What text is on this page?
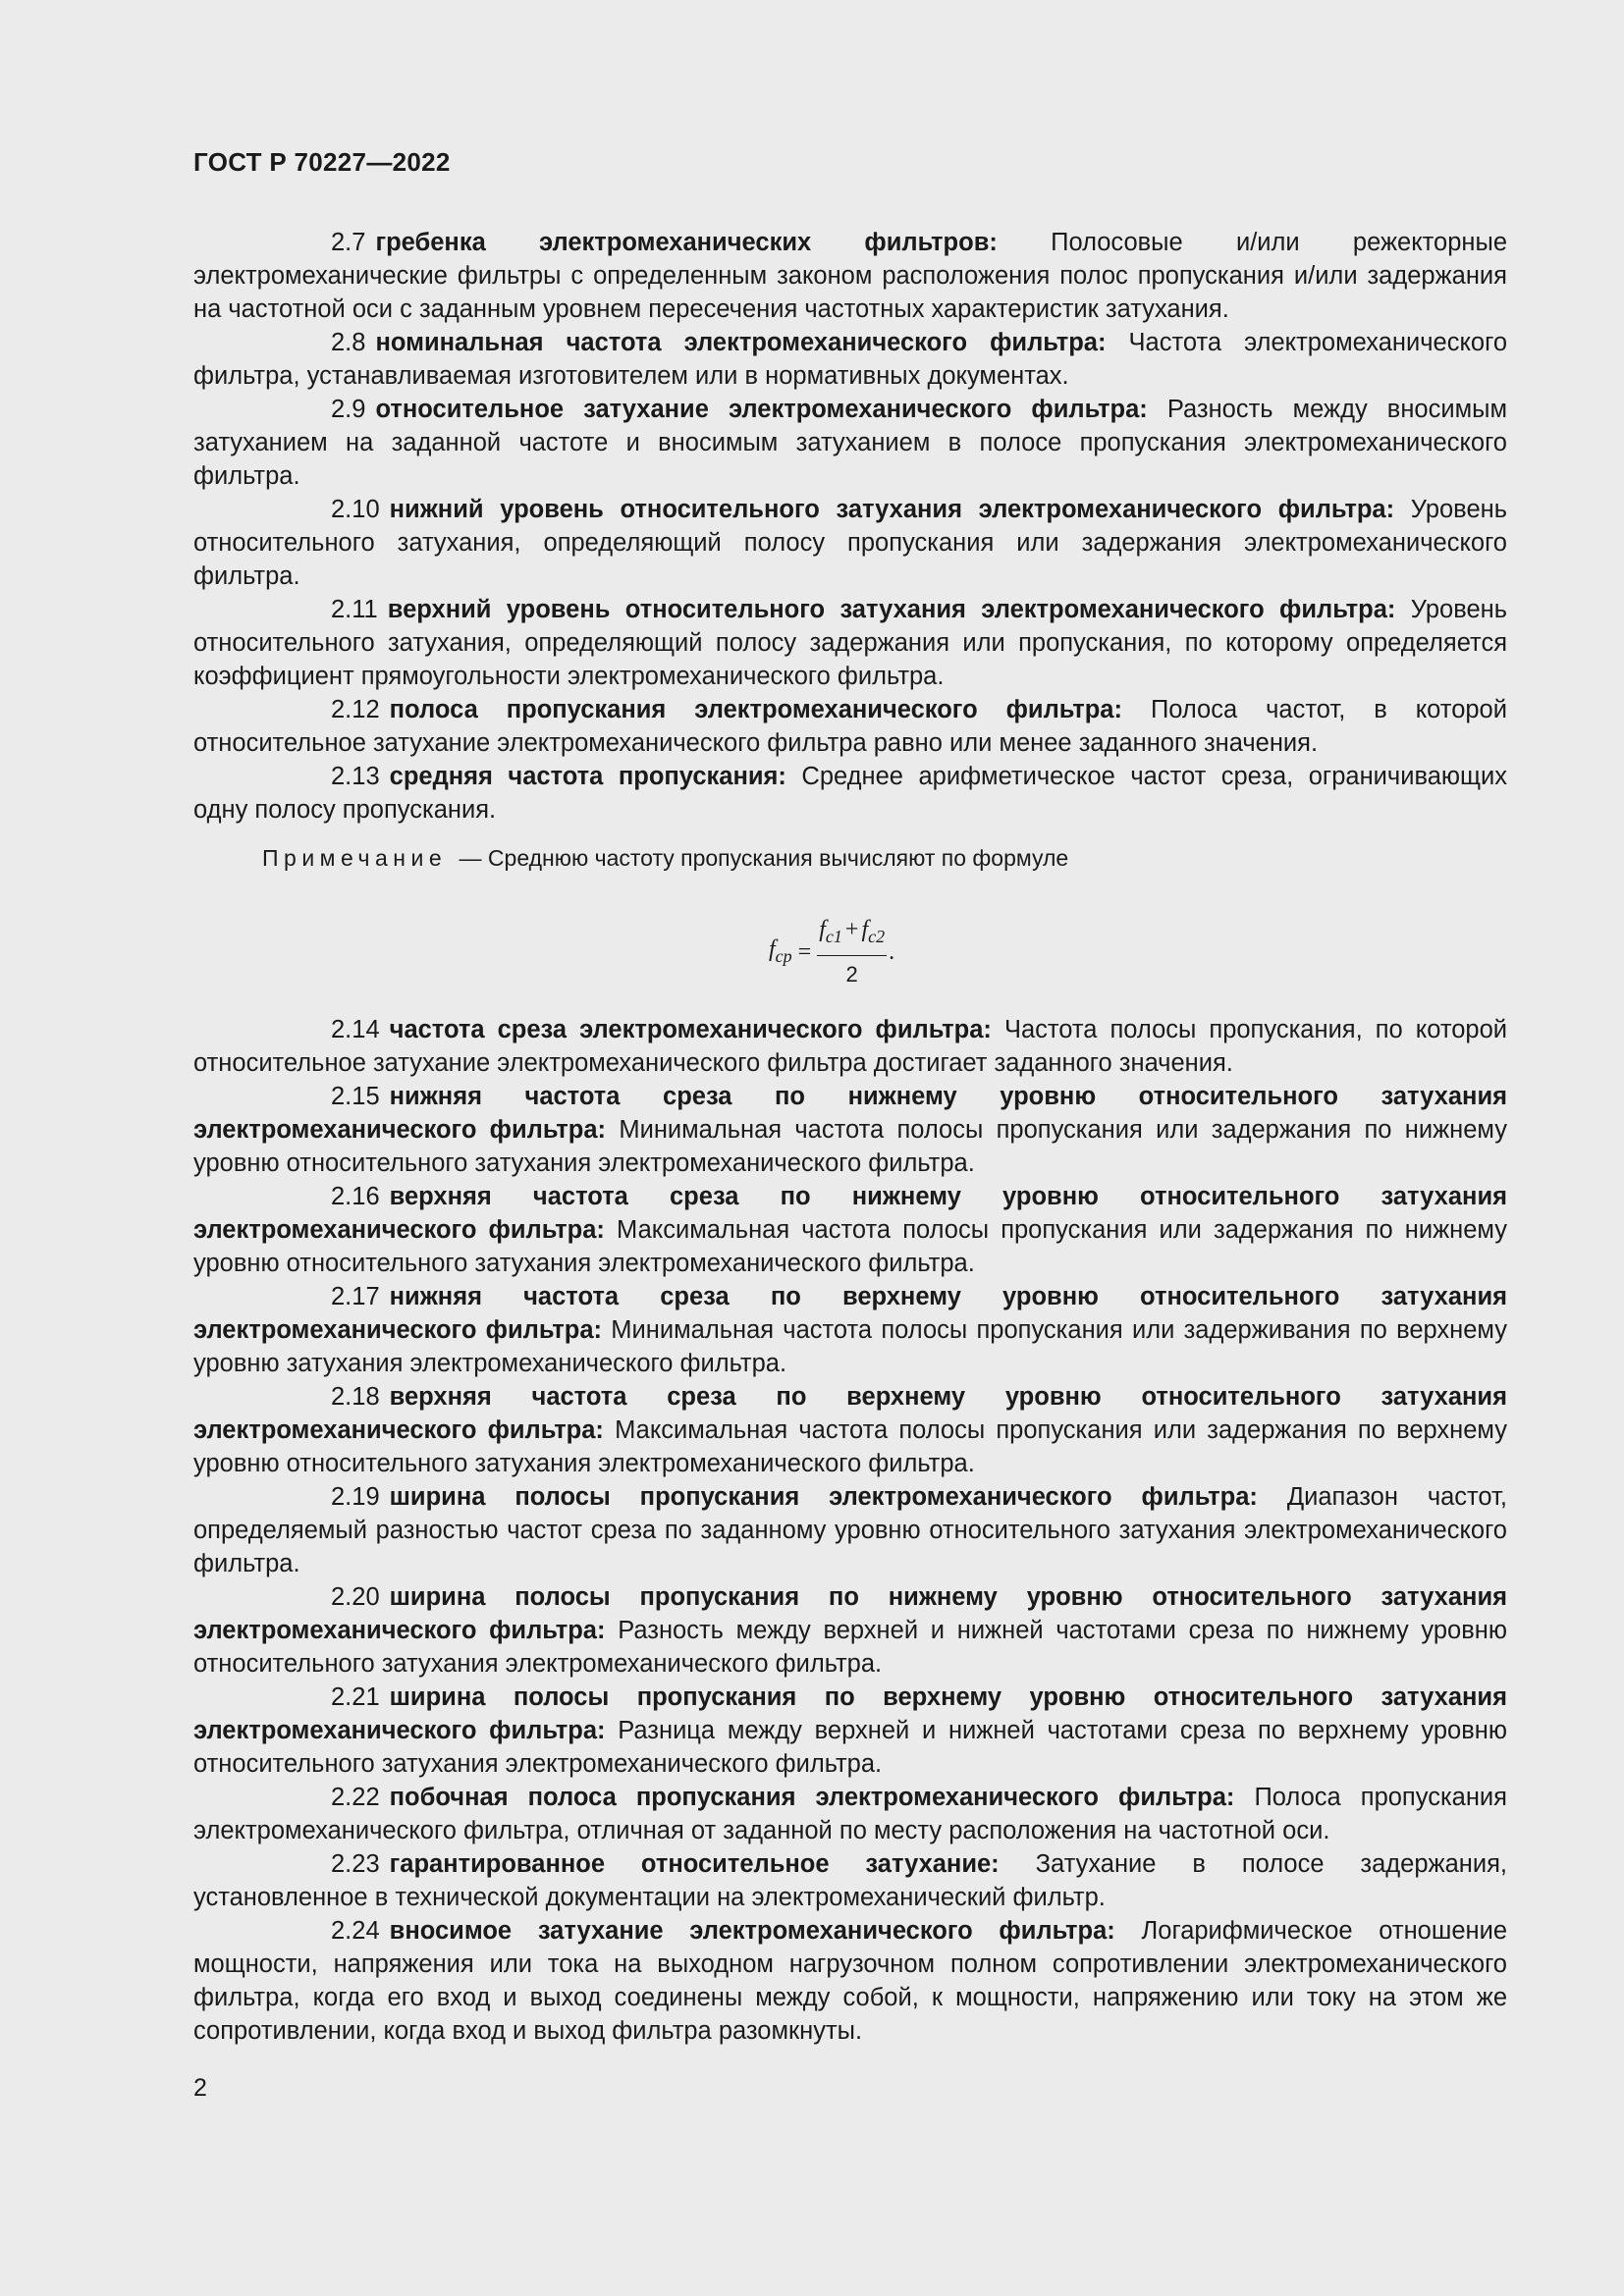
ГОСТ Р 70227—2022

2.7 гребенка электромеханических фильтров: Полосовые и/или режекторные электромеханические фильтры с определенным законом расположения полос пропускания и/или задержания на частотной оси с заданным уровнем пересечения частотных характеристик затухания.

2.8 номинальная частота электромеханического фильтра: Частота электромеханического фильтра, устанавливаемая изготовителем или в нормативных документах.

2.9 относительное затухание электромеханического фильтра: Разность между вносимым затуханием на заданной частоте и вносимым затуханием в полосе пропускания электромеханического фильтра.

2.10 нижний уровень относительного затухания электромеханического фильтра: Уровень относительного затухания, определяющий полосу пропускания или задержания электромеханического фильтра.

2.11 верхний уровень относительного затухания электромеханического фильтра: Уровень относительного затухания, определяющий полосу задержания или пропускания, по которому определяется коэффициент прямоугольности электромеханического фильтра.

2.12 полоса пропускания электромеханического фильтра: Полоса частот, в которой относительное затухание электромеханического фильтра равно или менее заданного значения.

2.13 средняя частота пропускания: Среднее арифметическое частот среза, ограничивающих одну полосу пропускания.

Примечание — Среднюю частоту пропускания вычисляют по формуле

$f_{ср} = \frac{f_{c1} + f_{c2}}{2}$ .

2.14 частота среза электромеханического фильтра: Частота полосы пропускания, по которой относительное затухание электромеханического фильтра достигает заданного значения.

2.15 нижняя частота среза по нижнему уровню относительного затухания электромеханического фильтра: Минимальная частота полосы пропускания или задержания по нижнему уровню относительного затухания электромеханического фильтра.

2.16 верхняя частота среза по нижнему уровню относительного затухания электромеханического фильтра: Максимальная частота полосы пропускания или задержания по нижнему уровню относительного затухания электромеханического фильтра.

2.17 нижняя частота среза по верхнему уровню относительного затухания электромеханического фильтра: Минимальная частота полосы пропускания или задерживания по верхнему уровню затухания электромеханического фильтра.

2.18 верхняя частота среза по верхнему уровню относительного затухания электромеханического фильтра: Максимальная частота полосы пропускания или задержания по верхнему уровню относительного затухания электромеханического фильтра.

2.19 ширина полосы пропускания электромеханического фильтра: Диапазон частот, определяемый разностью частот среза по заданному уровню относительного затухания электромеханического фильтра.

2.20 ширина полосы пропускания по нижнему уровню относительного затухания электромеханического фильтра: Разность между верхней и нижней частотами среза по нижнему уровню относительного затухания электромеханического фильтра.

2.21 ширина полосы пропускания по верхнему уровню относительного затухания электромеханического фильтра: Разница между верхней и нижней частотами среза по верхнему уровню относительного затухания электромеханического фильтра.

2.22 побочная полоса пропускания электромеханического фильтра: Полоса пропускания электромеханического фильтра, отличная от заданной по месту расположения на частотной оси.

2.23 гарантированное относительное затухание: Затухание в полосе задержания, установленное в технической документации на электромеханический фильтр.

2.24 вносимое затухание электромеханического фильтра: Логарифмическое отношение мощности, напряжения или тока на выходном нагрузочном полном сопротивлении электромеханического фильтра, когда его вход и выход соединены между собой, к мощности, напряжению или току на этом же сопротивлении, когда вход и выход фильтра разомкнуты.

2
